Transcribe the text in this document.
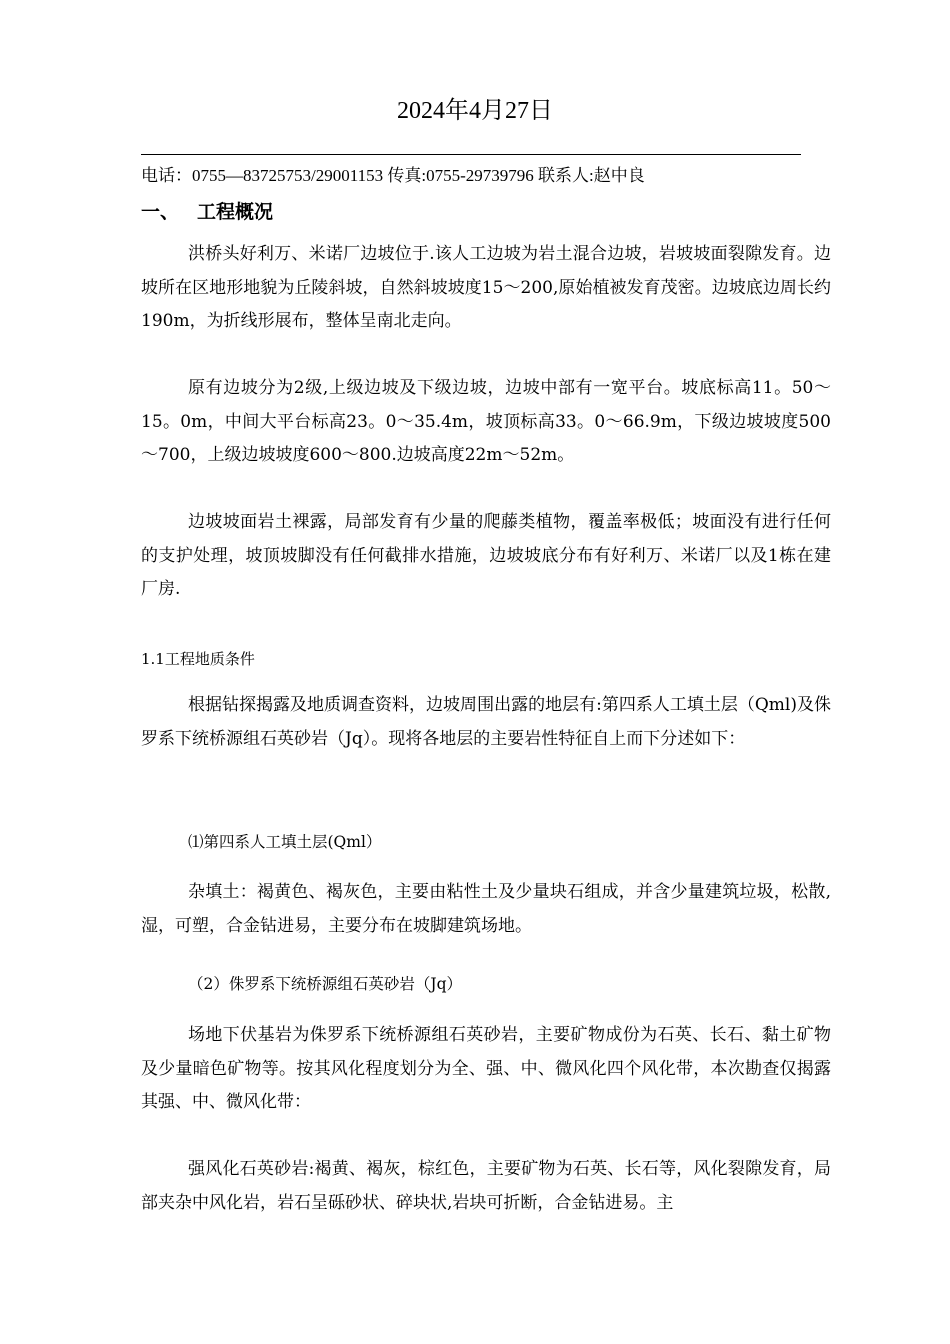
2024年4月27日
电话：0755—83725753/29001153 传真:0755-29739796 联系人:赵中良
一、 工程概况

洪桥头好利万、米诺厂边坡位于.该人工边坡为岩土混合边坡，岩坡坡面裂隙发育。边坡所在区地形地貌为丘陵斜坡，自然斜坡坡度15～200,原始植被发育茂密。边坡底边周长约190m，为折线形展布，整体呈南北走向。

原有边坡分为2级,上级边坡及下级边坡，边坡中部有一宽平台。坡底标高11。50～15。0m，中间大平台标高23。0～35.4m，坡顶标高33。0～66.9m，下级边坡坡度500～700，上级边坡坡度600～800.边坡高度22m～52m。

边坡坡面岩土裸露，局部发育有少量的爬藤类植物，覆盖率极低；坡面没有进行任何的支护处理，坡顶坡脚没有任何截排水措施，边坡坡底分布有好利万、米诺厂以及1栋在建厂房.

1.1工程地质条件

根据钻探揭露及地质调查资料，边坡周围出露的地层有:第四系人工填土层（Qml)及侏罗系下统桥源组石英砂岩（Jq）。现将各地层的主要岩性特征自上而下分述如下：

⑴第四系人工填土层(Qml）

杂填土：褐黄色、褐灰色，主要由粘性土及少量块石组成，并含少量建筑垃圾，松散,湿，可塑，合金钻进易，主要分布在坡脚建筑场地。

（2）侏罗系下统桥源组石英砂岩（Jq）

场地下伏基岩为侏罗系下统桥源组石英砂岩，主要矿物成份为石英、长石、黏土矿物及少量暗色矿物等。按其风化程度划分为全、强、中、微风化四个风化带，本次勘查仅揭露其强、中、微风化带：

强风化石英砂岩:褐黄、褐灰，棕红色，主要矿物为石英、长石等，风化裂隙发育，局部夹杂中风化岩，岩石呈砾砂状、碎块状,岩块可折断，合金钻进易。主
